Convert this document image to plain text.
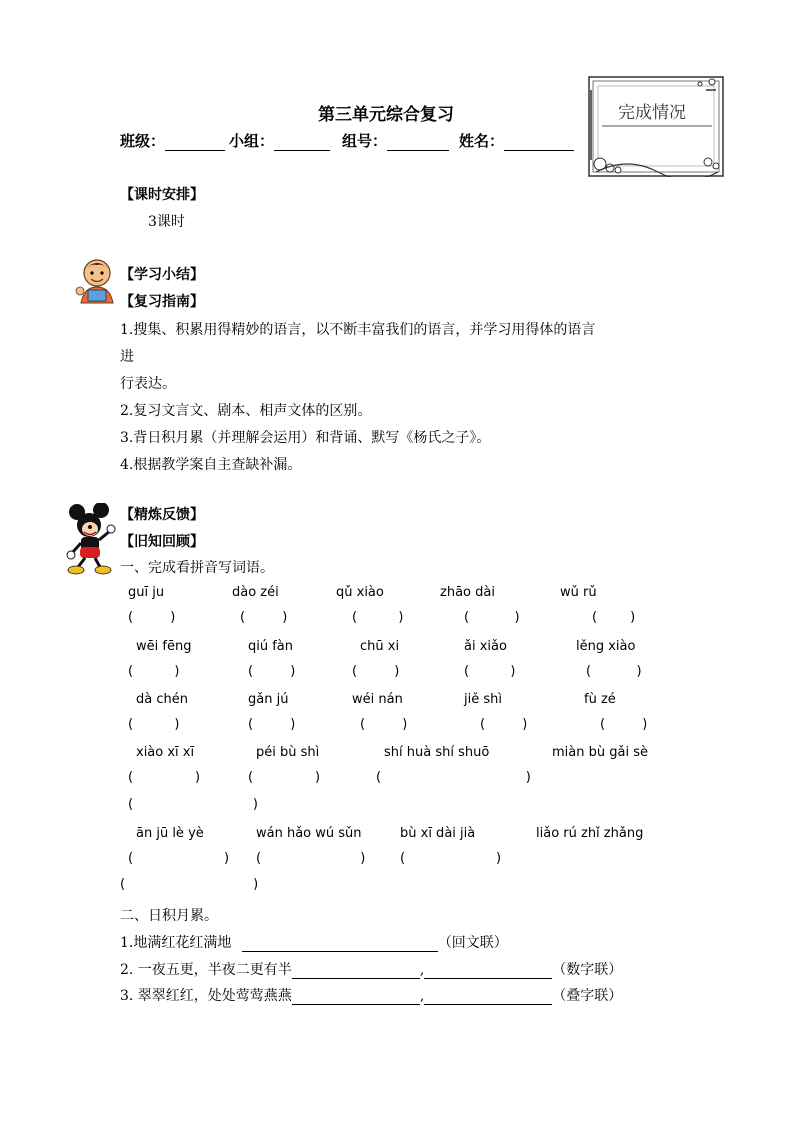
第三单元综合复习
班级：	小组：	组号：	姓名：
完成情况
【课时安排】
3课时
【学习小结】
【复习指南】
1.搜集、积累用得精妙的语言，以不断丰富我们的语言，并学习用得体的语言
进
行表达。
2.复习文言文、剧本、相声文体的区别。
3.背日积月累（并理解会运用）和背诵、默写《杨氏之子》。
4.根据教学案自主查缺补漏。
【精炼反馈】
【旧知回顾】
一、完成看拼音写词语。
guī ju	dào zéi	qǔ xiào	zhāo dài	wǔ rǔ
(         )	(         )	(          )	(           )	(        )
wēi fēng	qiú fàn	chū xi	ǎi xiǎo	lěng xiào
(          )	(         )	(         )	(          )	(           )
dà chén	gǎn jú	wéi nán	jiě shì	fù zé
(          )	(         )	(         )	(         )	(         )
xiào xī xī	péi bù shì	shí huà shí shuō	miàn bù gǎi sè
(               )	(               )	(                                   )
(                             )
ān jū lè yè	wán hǎo wú sǔn	bù xī dài jià	liǎo rú zhǐ zhǎng
(                      ) (                        )	(                      )
(                               )
二、日积月累。
1.地满红花红满地	（回文联）
2. 一夜五更，半夜二更有半	,	（数字联）
3. 翠翠红红，处处莺莺燕燕	,	（叠字联）
